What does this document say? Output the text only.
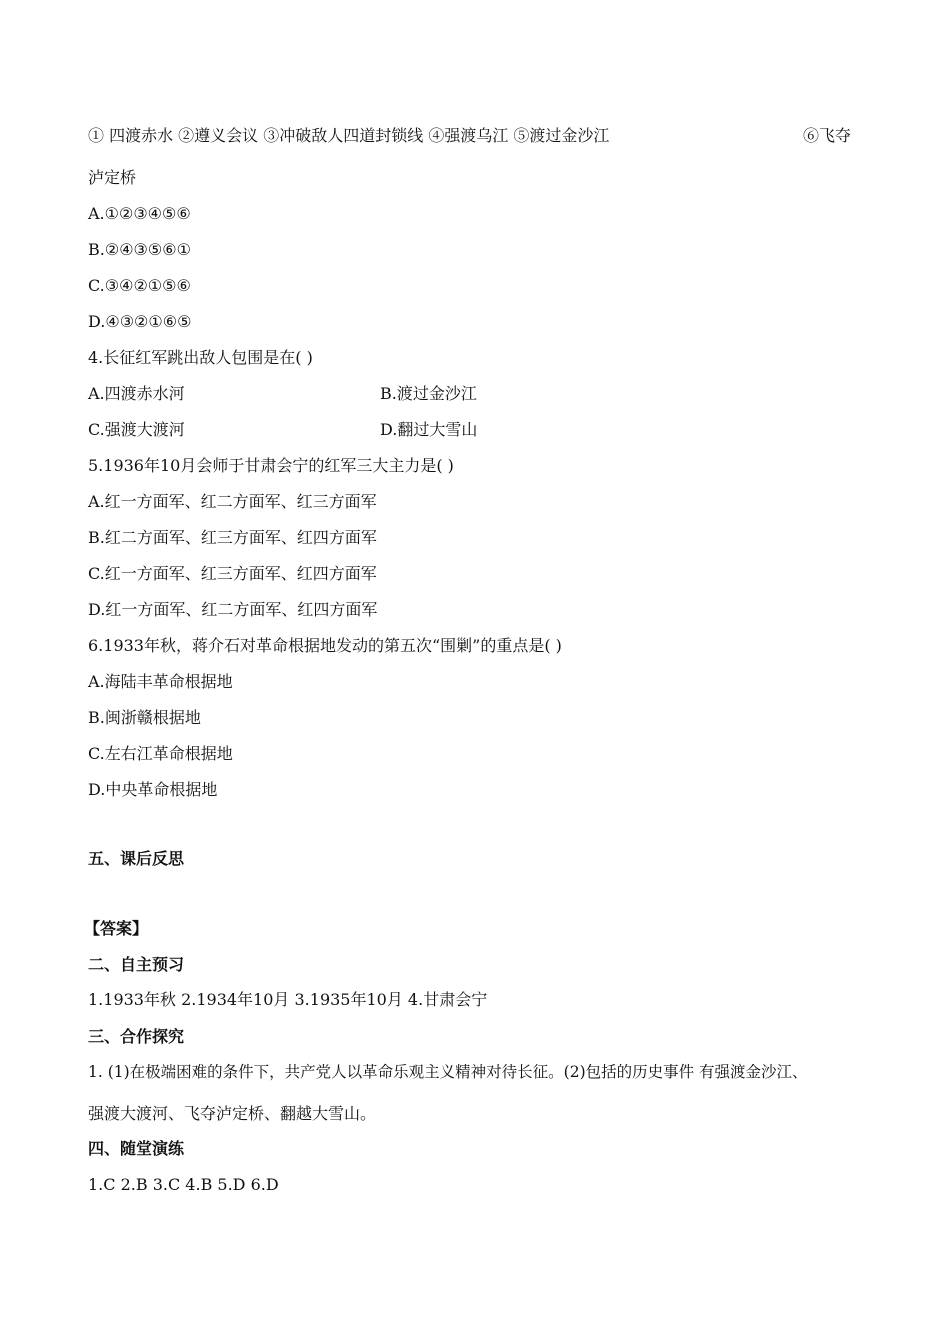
① 四渡赤水 ②遵义会议 ③冲破敌人四道封锁线 ④强渡乌江 ⑤渡过金沙江	⑥飞夺
泸定桥
A.①②③④⑤⑥
B.②④③⑤⑥①
C.③④②①⑤⑥
D.④③②①⑥⑤
4.长征红军跳出敌人包围是在( )
A.四渡赤水河	B.渡过金沙江
C.强渡大渡河	D.翻过大雪山
5.1936年10月会师于甘肃会宁的红军三大主力是( )
A.红一方面军、红二方面军、红三方面军
B.红二方面军、红三方面军、红四方面军
C.红一方面军、红三方面军、红四方面军
D.红一方面军、红二方面军、红四方面军
6.1933年秋，蒋介石对革命根据地发动的第五次“围剿”的重点是( )
A.海陆丰革命根据地
B.闽浙赣根据地
C.左右江革命根据地
D.中央革命根据地
五、课后反思
【答案】
二、自主预习
1.1933年秋 2.1934年10月 3.1935年10月 4.甘肃会宁
三、合作探究
1. (1)在极端困难的条件下，共产党人以革命乐观主义精神对待长征。(2)包括的历史事件 有强渡金沙江、
强渡大渡河、飞夺泸定桥、翻越大雪山。
四、随堂演练
1.C 2.B 3.C 4.B 5.D 6.D
